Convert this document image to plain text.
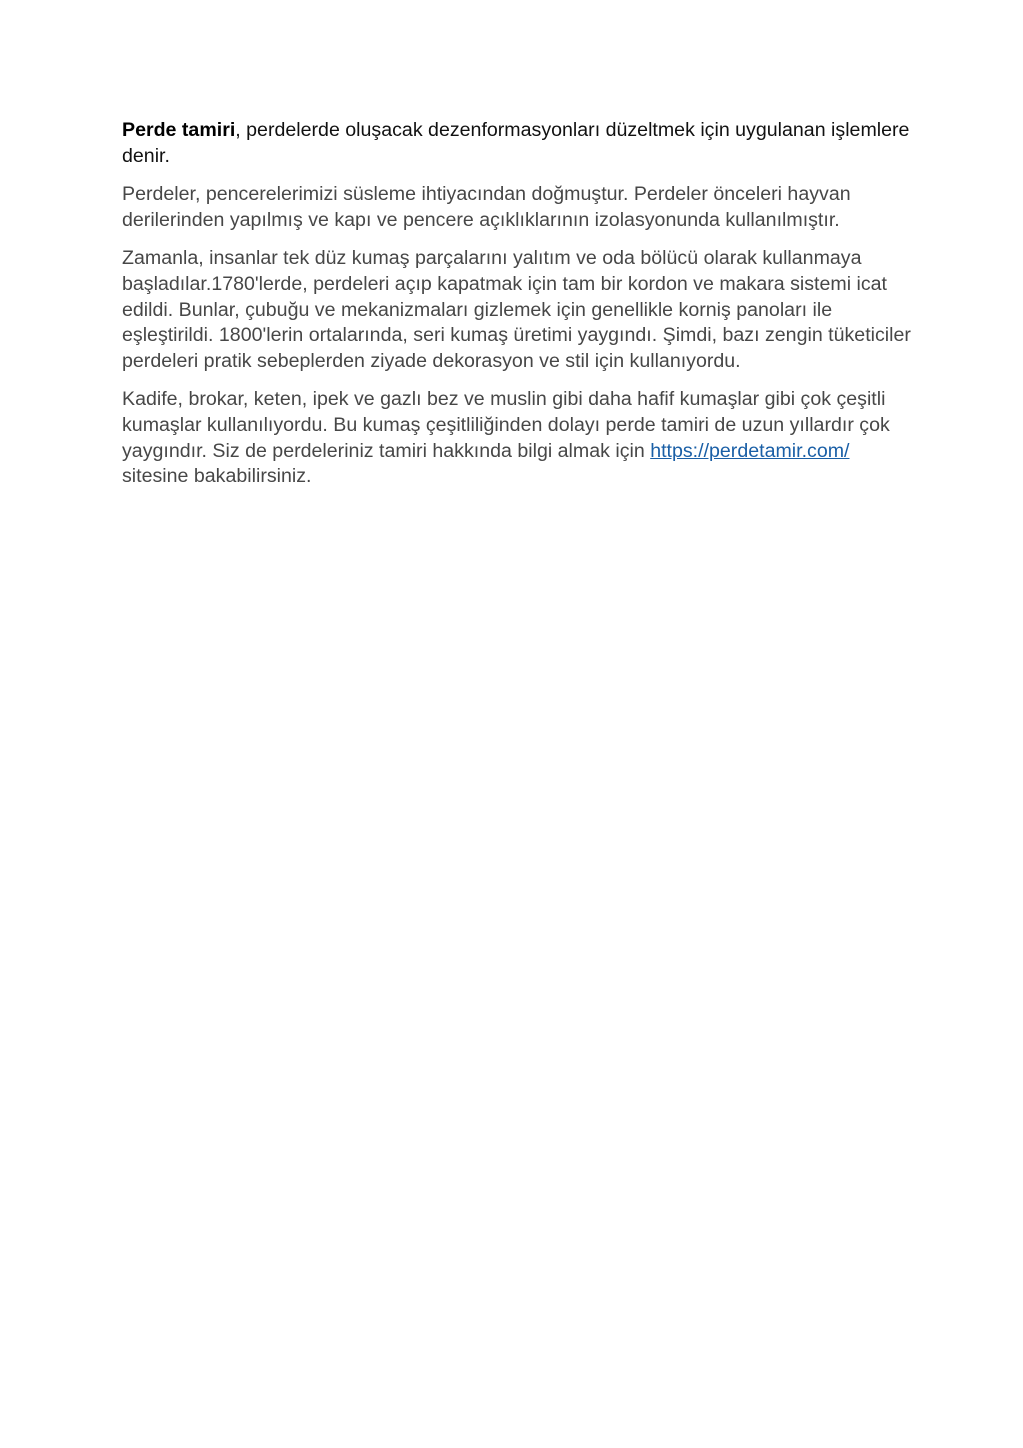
Perde tamiri, perdelerde oluşacak dezenformasyonları düzeltmek için uygulanan işlemlere denir.

Perdeler, pencerelerimizi süsleme ihtiyacından doğmuştur. Perdeler önceleri hayvan derilerinden yapılmış ve kapı ve pencere açıklıklarının izolasyonunda kullanılmıştır.

Zamanla, insanlar tek düz kumaş parçalarını yalıtım ve oda bölücü olarak kullanmaya başladılar.1780'lerde, perdeleri açıp kapatmak için tam bir kordon ve makara sistemi icat edildi. Bunlar, çubuğu ve mekanizmaları gizlemek için genellikle korniş panoları ile eşleştirildi. 1800'lerin ortalarında, seri kumaş üretimi yaygındı. Şimdi, bazı zengin tüketiciler perdeleri pratik sebeplerden ziyade dekorasyon ve stil için kullanıyordu.

Kadife, brokar, keten, ipek ve gazlı bez ve muslin gibi daha hafif kumaşlar gibi çok çeşitli kumaşlar kullanılıyordu. Bu kumaş çeşitliliğinden dolayı perde tamiri de uzun yıllardır çok yaygındır. Siz de perdeleriniz tamiri hakkında bilgi almak için https://perdetamir.com/ sitesine bakabilirsiniz.
